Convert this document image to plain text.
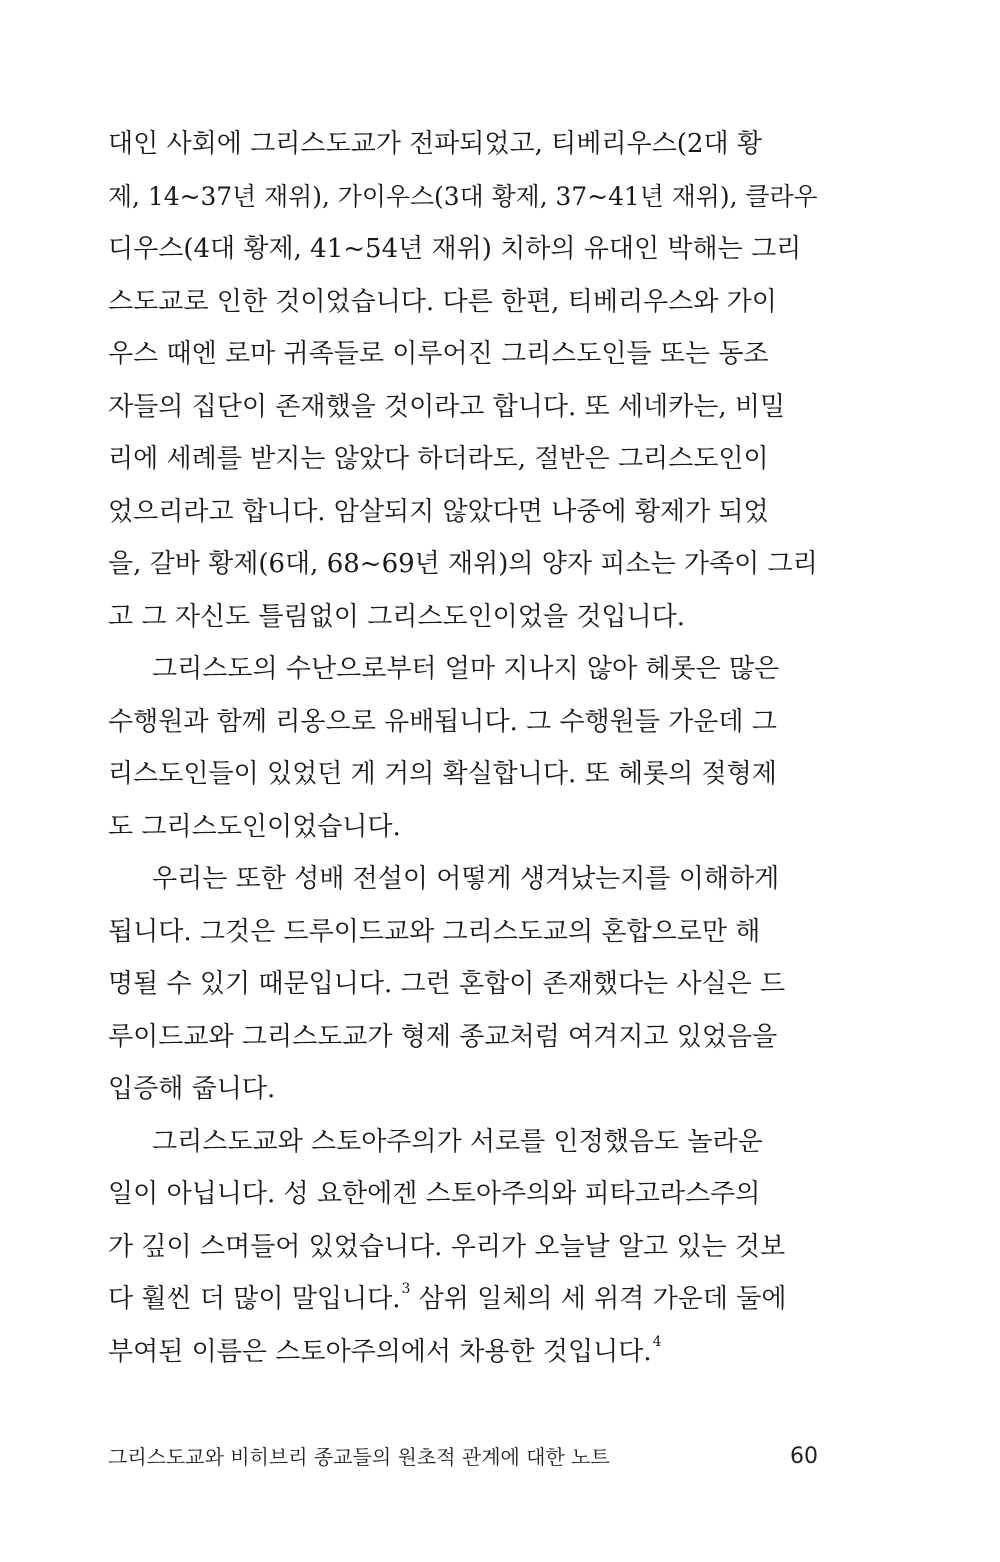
대인 사회에 그리스도교가 전파되었고, 티베리우스(2대 황
제, 14~37년 재위), 가이우스(3대 황제, 37~41년 재위), 클라우
디우스(4대 황제, 41~54년 재위) 치하의 유대인 박해는 그리
스도교로 인한 것이었습니다. 다른 한편, 티베리우스와 가이
우스 때엔 로마 귀족들로 이루어진 그리스도인들 또는 동조
자들의 집단이 존재했을 것이라고 합니다. 또 세네카는, 비밀
리에 세례를 받지는 않았다 하더라도, 절반은 그리스도인이
었으리라고 합니다. 암살되지 않았다면 나중에 황제가 되었
을, 갈바 황제(6대, 68~69년 재위)의 양자 피소는 가족이 그리
고 그 자신도 틀림없이 그리스도인이었을 것입니다.
그리스도의 수난으로부터 얼마 지나지 않아 헤롯은 많은
수행원과 함께 리옹으로 유배됩니다. 그 수행원들 가운데 그
리스도인들이 있었던 게 거의 확실합니다. 또 헤롯의 젖형제
도 그리스도인이었습니다.
우리는 또한 성배 전설이 어떻게 생겨났는지를 이해하게
됩니다. 그것은 드루이드교와 그리스도교의 혼합으로만 해
명될 수 있기 때문입니다. 그런 혼합이 존재했다는 사실은 드
루이드교와 그리스도교가 형제 종교처럼 여겨지고 있었음을
입증해 줍니다.
그리스도교와 스토아주의가 서로를 인정했음도 놀라운
일이 아닙니다. 성 요한에겐 스토아주의와 피타고라스주의
가 깊이 스며들어 있었습니다. 우리가 오늘날 알고 있는 것보
다 훨씬 더 많이 말입니다.$^3$ 삼위 일체의 세 위격 가운데 둘에
부여된 이름은 스토아주의에서 차용한 것입니다.$^4$
그리스도교와 비히브리 종교들의 원초적 관계에 대한 노트	60
